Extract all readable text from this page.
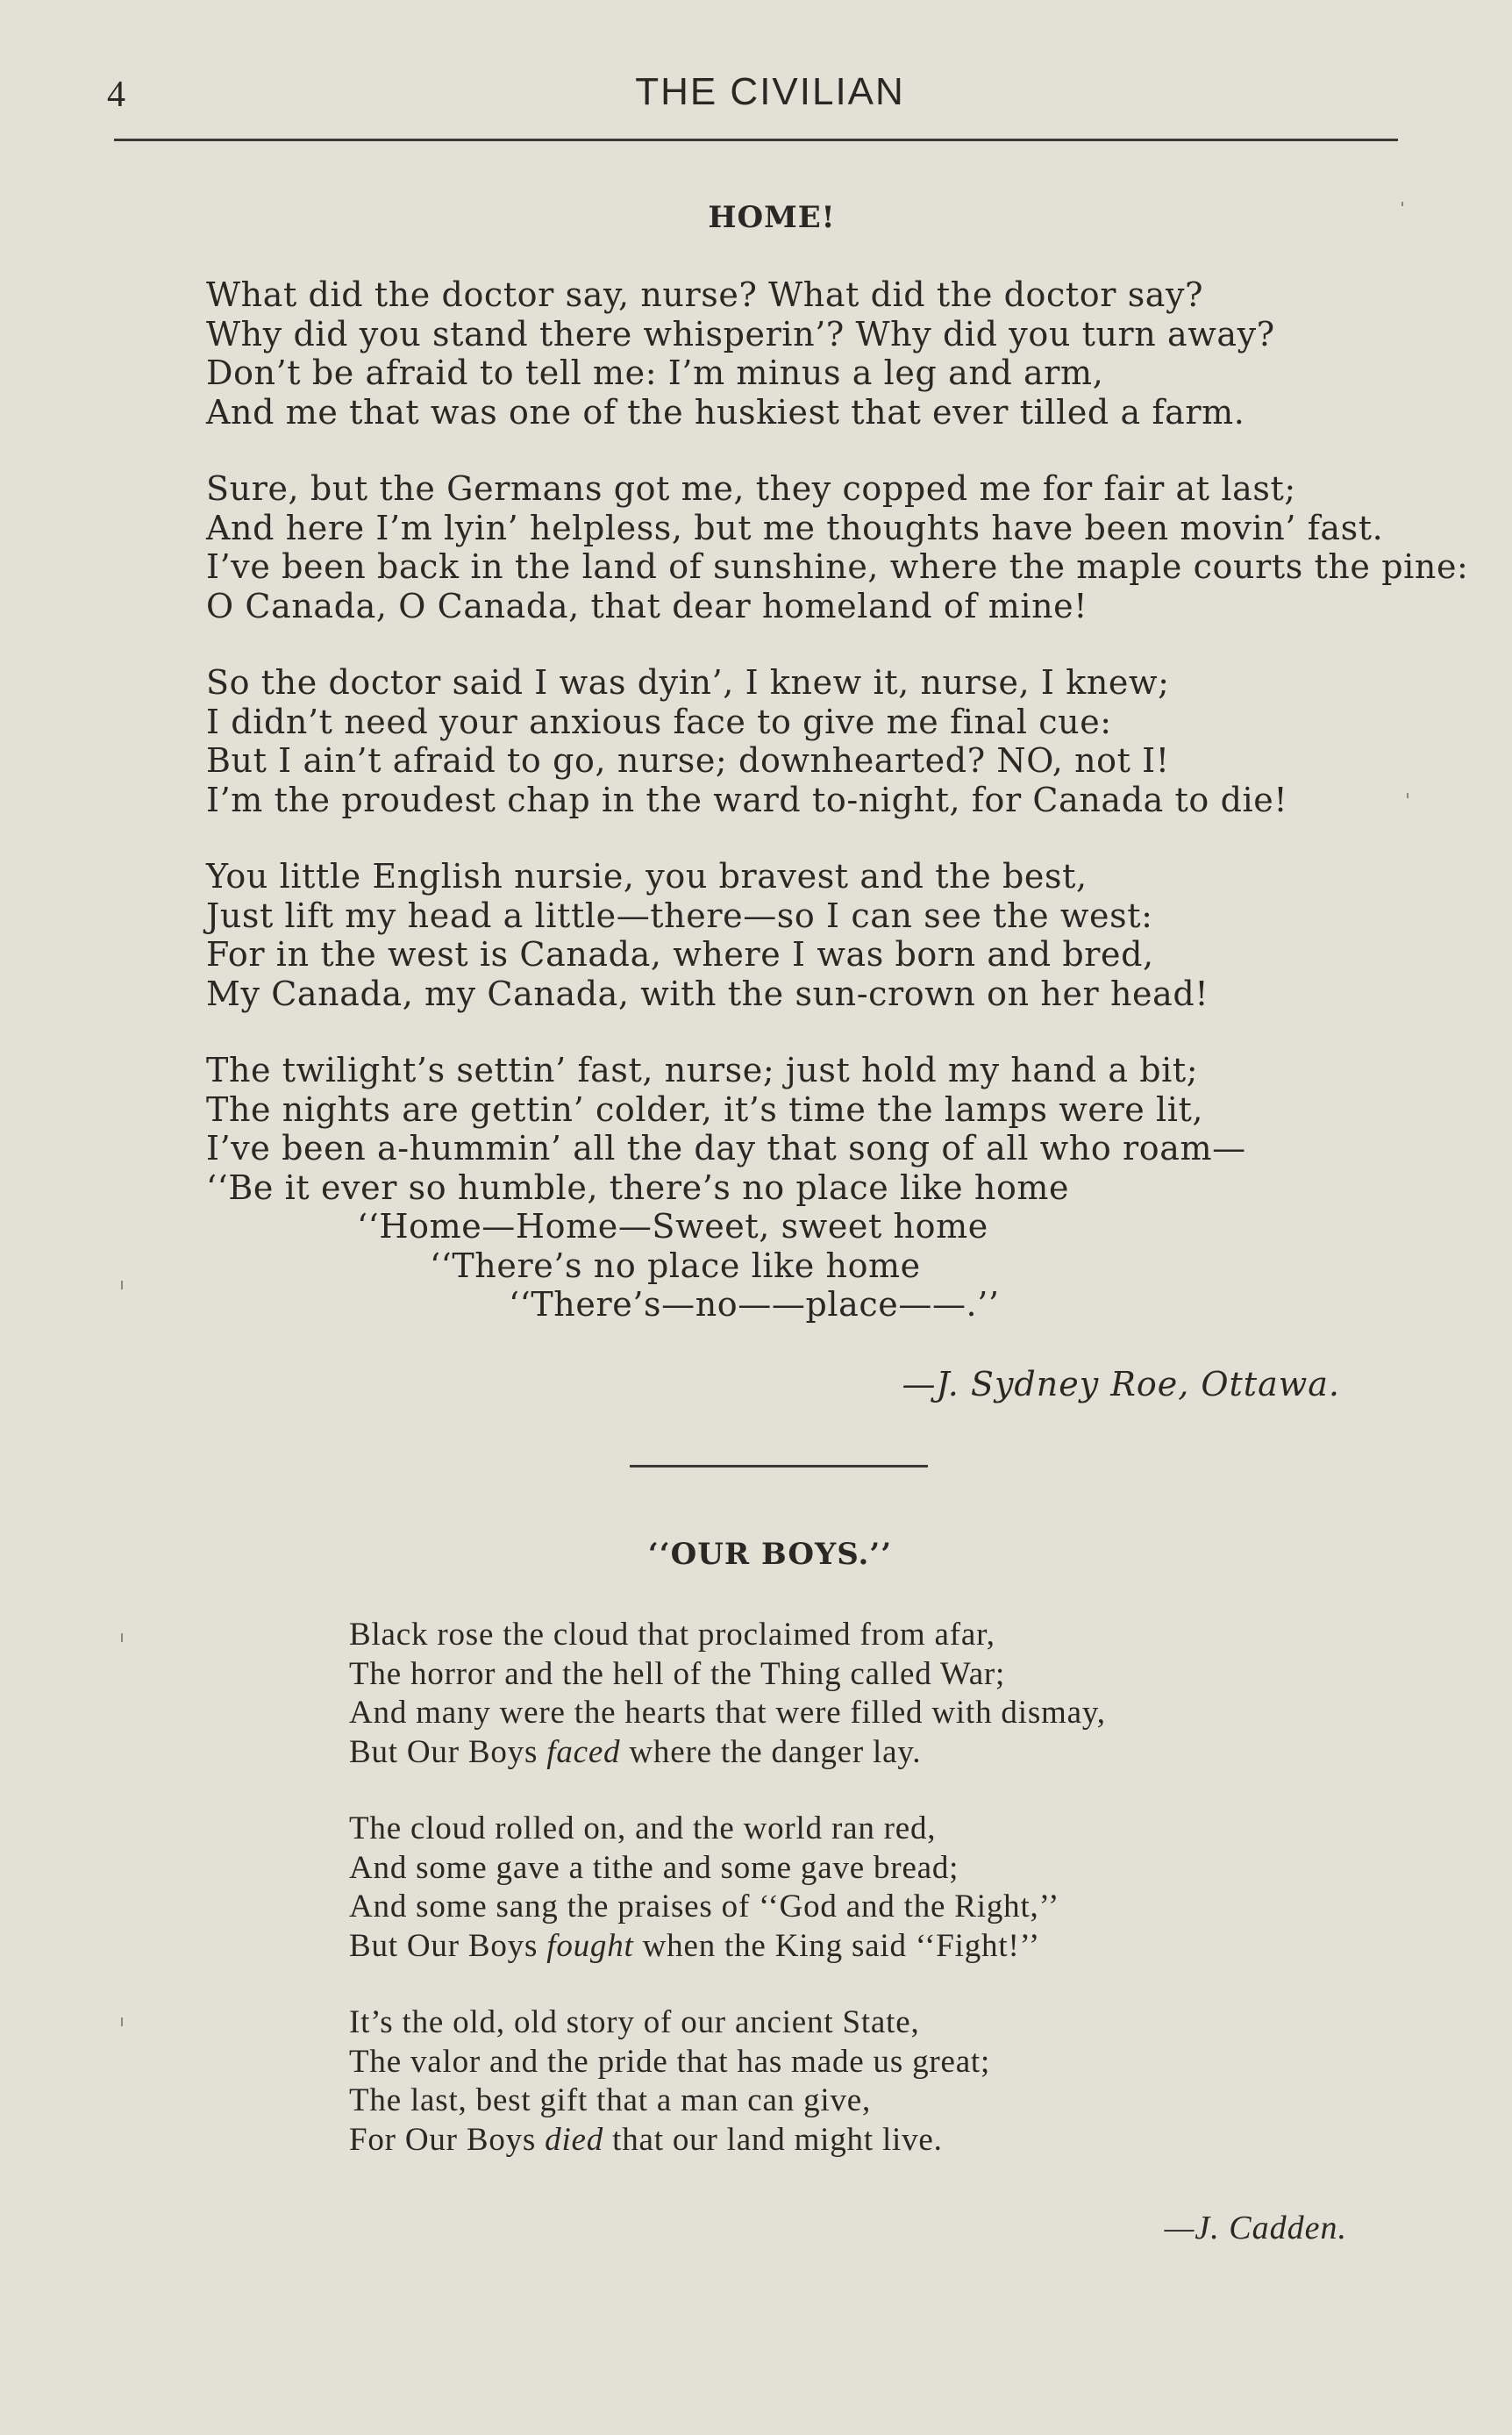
4	THE CIVILIAN
HOME!
What did the doctor say, nurse? What did the doctor say?
Why did you stand there whisperin’? Why did you turn away?
Don’t be afraid to tell me: I’m minus a leg and arm,
And me that was one of the huskiest that ever tilled a farm.
Sure, but the Germans got me, they copped me for fair at last;
And here I’m lyin’ helpless, but me thoughts have been movin’ fast.
I’ve been back in the land of sunshine, where the maple courts the pine:
O Canada, O Canada, that dear homeland of mine!
So the doctor said I was dyin’, I knew it, nurse, I knew;
I didn’t need your anxious face to give me final cue:
But I ain’t afraid to go, nurse; downhearted? NO, not I!
I’m the proudest chap in the ward to-night, for Canada to die!
You little English nursie, you bravest and the best,
Just lift my head a little—there—so I can see the west:
For in the west is Canada, where I was born and bred,
My Canada, my Canada, with the sun-crown on her head!
The twilight’s settin’ fast, nurse; just hold my hand a bit;
The nights are gettin’ colder, it’s time the lamps were lit,
I’ve been a-hummin’ all the day that song of all who roam—
‘‘Be it ever so humble, there’s no place like home
‘‘Home—Home—Sweet, sweet home
‘‘There’s no place like home
‘‘There’s—no——place——.’’
—J. Sydney Roe, Ottawa.
‘‘OUR BOYS.’’
Black rose the cloud that proclaimed from afar,
The horror and the hell of the Thing called War;
And many were the hearts that were filled with dismay,
But Our Boys faced where the danger lay.
The cloud rolled on, and the world ran red,
And some gave a tithe and some gave bread;
And some sang the praises of ‘‘God and the Right,’’
But Our Boys fought when the King said ‘‘Fight!’’
It’s the old, old story of our ancient State,
The valor and the pride that has made us great;
The last, best gift that a man can give,
For Our Boys died that our land might live.
—J. Cadden.
